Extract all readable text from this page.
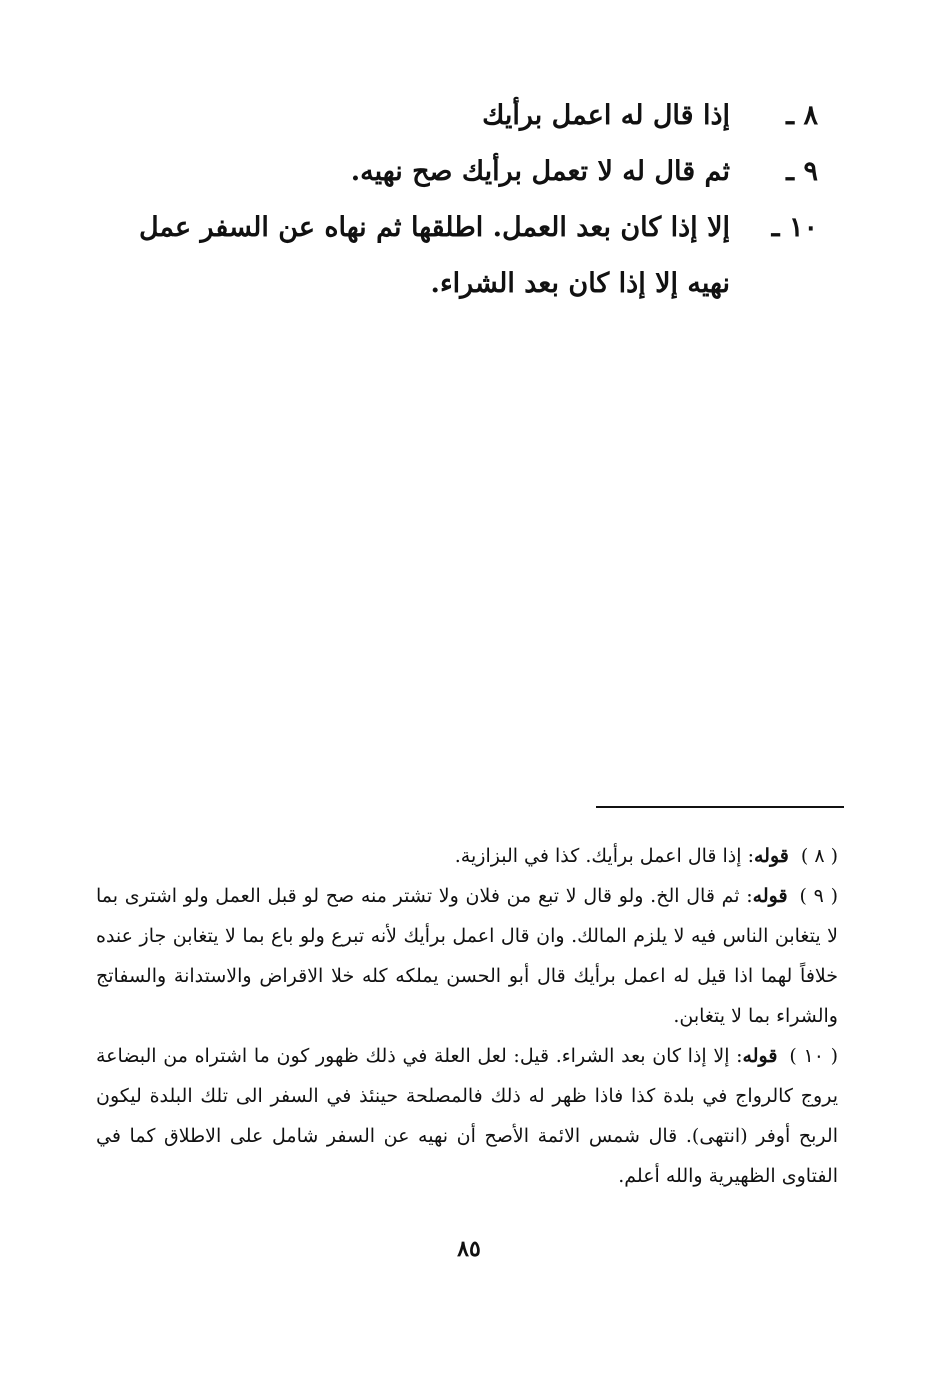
٨ ـ
إذا قال له اعمل برأيك
٩ ـ
ثم قال له لا تعمل برأيك صح نهيه.
١٠ ـ
إلا إذا كان بعد العمل. اطلقها ثم نهاه عن السفر عمل نهيه إلا إذا كان بعد الشراء.

( ٨ )قوله: إذا قال اعمل برأيك. كذا في البزازية.

( ٩ )قوله: ثم قال الخ. ولو قال لا تبع من فلان ولا تشتر منه صح لو قبل العمل ولو اشترى بما لا يتغابن الناس فيه لا يلزم المالك. وان قال اعمل برأيك لأنه تبرع ولو باع بما لا يتغابن جاز عنده خلافاً لهما اذا قيل له اعمل برأيك قال أبو الحسن يملكه كله خلا الاقراض والاستدانة والسفاتج والشراء بما لا يتغابن.

( ١٠ )قوله: إلا إذا كان بعد الشراء. قيل: لعل العلة في ذلك ظهور كون ما اشتراه من البضاعة يروج كالرواج في بلدة كذا فاذا ظهر له ذلك فالمصلحة حينئذ في السفر الى تلك البلدة ليكون الربح أوفر (انتهى). قال شمس الائمة الأصح أن نهيه عن السفر شامل على الاطلاق كما في الفتاوى الظهيرية والله أعلم.

٨٥
